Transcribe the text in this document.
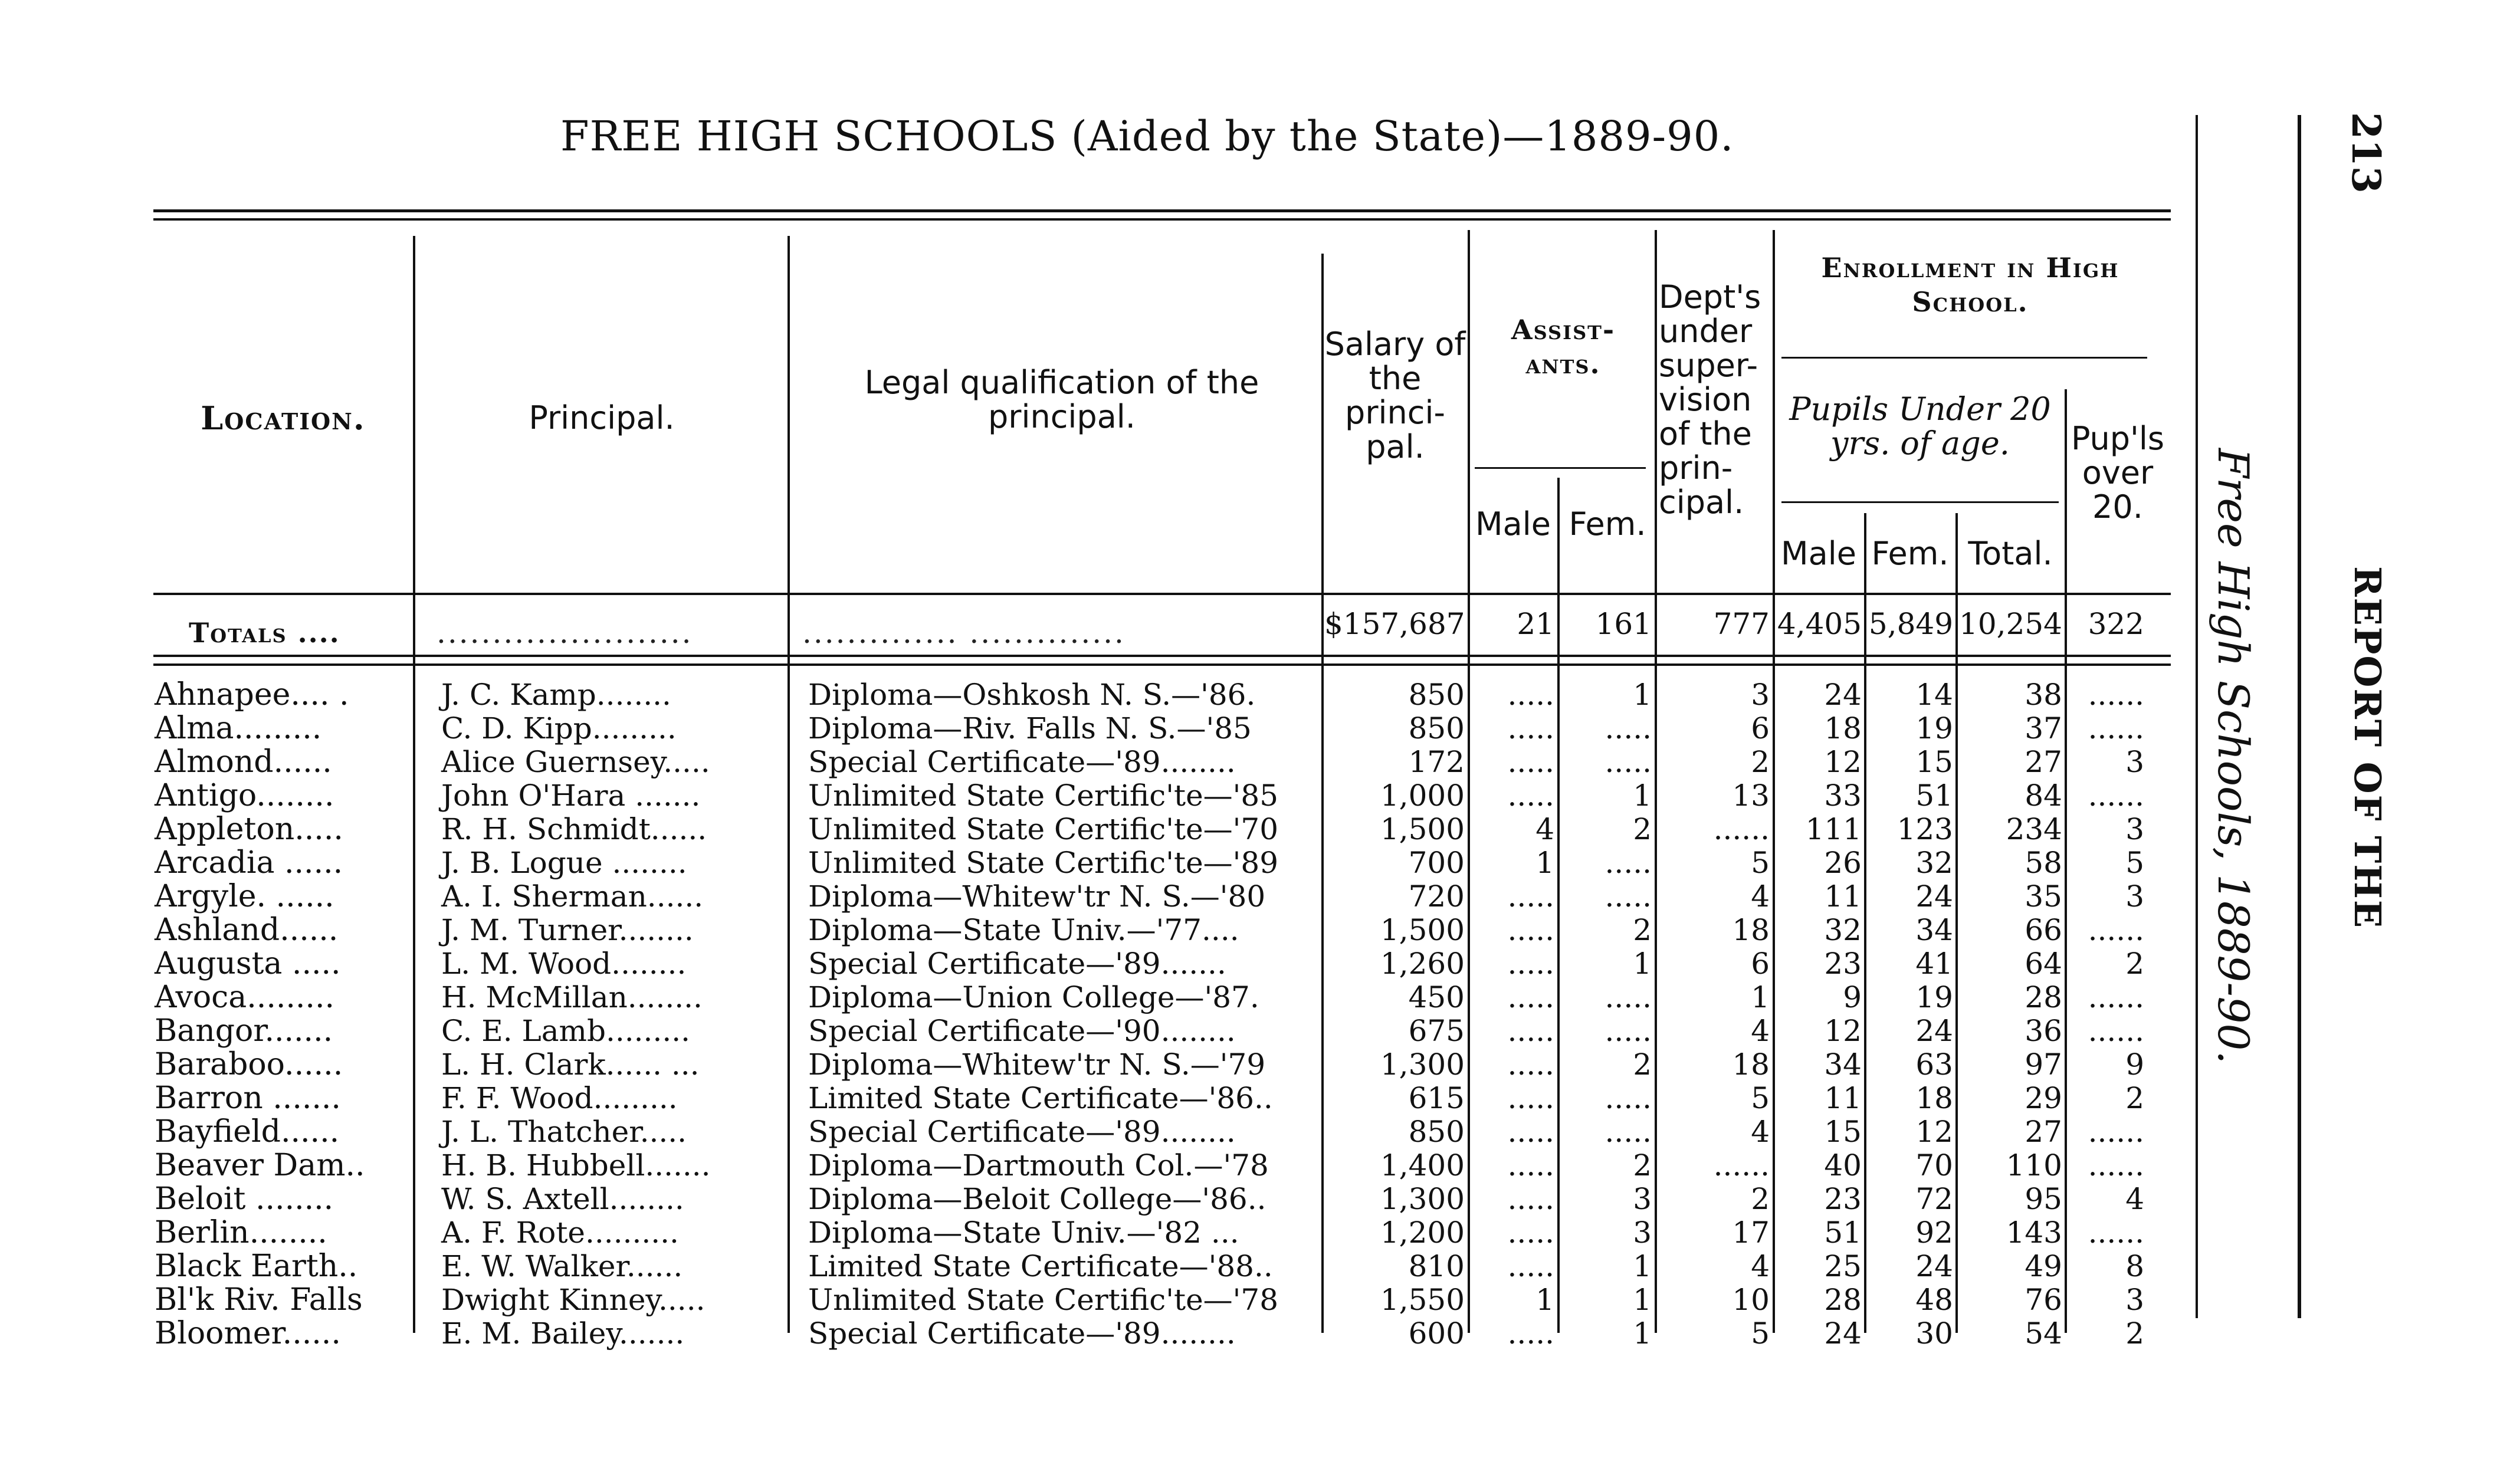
FREE HIGH SCHOOLS (Aided by the State)—1889-90.
Free High Schools, 1889-90. REPORT OF THE
213
Location.	Principal.
Legal qualification of the principal.
Salary of the princi- pal.
Assist- ants.
Male Fem.
Dept's under super- vision of the prin- cipal.
Enrollment in High School.
Pupils Under 20 yrs. of age.
Male Fem. Total.
Pup'ls over 20.
Totals ....	.......................	.............. ..............	$157,687	21	161	777 4,405 5,849 10,254 322
Ahnapee.... .	J. C. Kamp........	Diploma—Oshkosh N. S.—'86.	850	.....	1	3	24	14	38 ......
Alma.........	C. D. Kipp.........	Diploma—Riv. Falls N. S.—'85	850	.....	.....	6	18	19	37 ......
Almond......	Alice Guernsey.....	Special Certificate—'89........	172	.....	.....	2	12	15	27	3
Antigo........	John O'Hara .......	Unlimited State Certific'te—'85	1,000	.....	1	13	33	51	84 ......
Appleton.....	R. H. Schmidt......	Unlimited State Certific'te—'70	1,500	4	2	......	111	123	234	3
Arcadia ......	J. B. Logue ........	Unlimited State Certific'te—'89	700	1	.....	5	26	32	58	5
Argyle. ......	A. I. Sherman......	Diploma—Whitew'tr N. S.—'80	720	.....	.....	4	11	24	35	3
Ashland......	J. M. Turner........	Diploma—State Univ.—'77....	1,500	.....	2	18	32	34	66 ......
Augusta .....	L. M. Wood........	Special Certificate—'89.......	1,260	.....	1	6	23	41	64	2
Avoca.........	H. McMillan........	Diploma—Union College—'87.	450	.....	.....	1	9	19	28 ......
Bangor.......	C. E. Lamb.........	Special Certificate—'90........	675	.....	.....	4	12	24	36 ......
Baraboo......	L. H. Clark...... ...	Diploma—Whitew'tr N. S.—'79	1,300	.....	2	18	34	63	97	9
Barron .......	F. F. Wood.........	Limited State Certificate—'86..	615	.....	.....	5	11	18	29	2
Bayfield......	J. L. Thatcher.....	Special Certificate—'89........	850	.....	.....	4	15	12	27 ......
Beaver Dam..	H. B. Hubbell.......	Diploma—Dartmouth Col.—'78	1,400	.....	2	......	40	70	110 ......
Beloit ........	W. S. Axtell........	Diploma—Beloit College—'86..	1,300	.....	3	2	23	72	95	4
Berlin........	A. F. Rote..........	Diploma—State Univ.—'82 ...	1,200	.....	3	17	51	92	143 ......
Black Earth..	E. W. Walker......	Limited State Certificate—'88..	810	.....	1	4	25	24	49	8
Bl'k Riv. Falls	Dwight Kinney.....	Unlimited State Certific'te—'78	1,550	1	1	10	28	48	76	3
Bloomer......	E. M. Bailey.......	Special Certificate—'89........	600	.....	1	5	24	30	54	2
